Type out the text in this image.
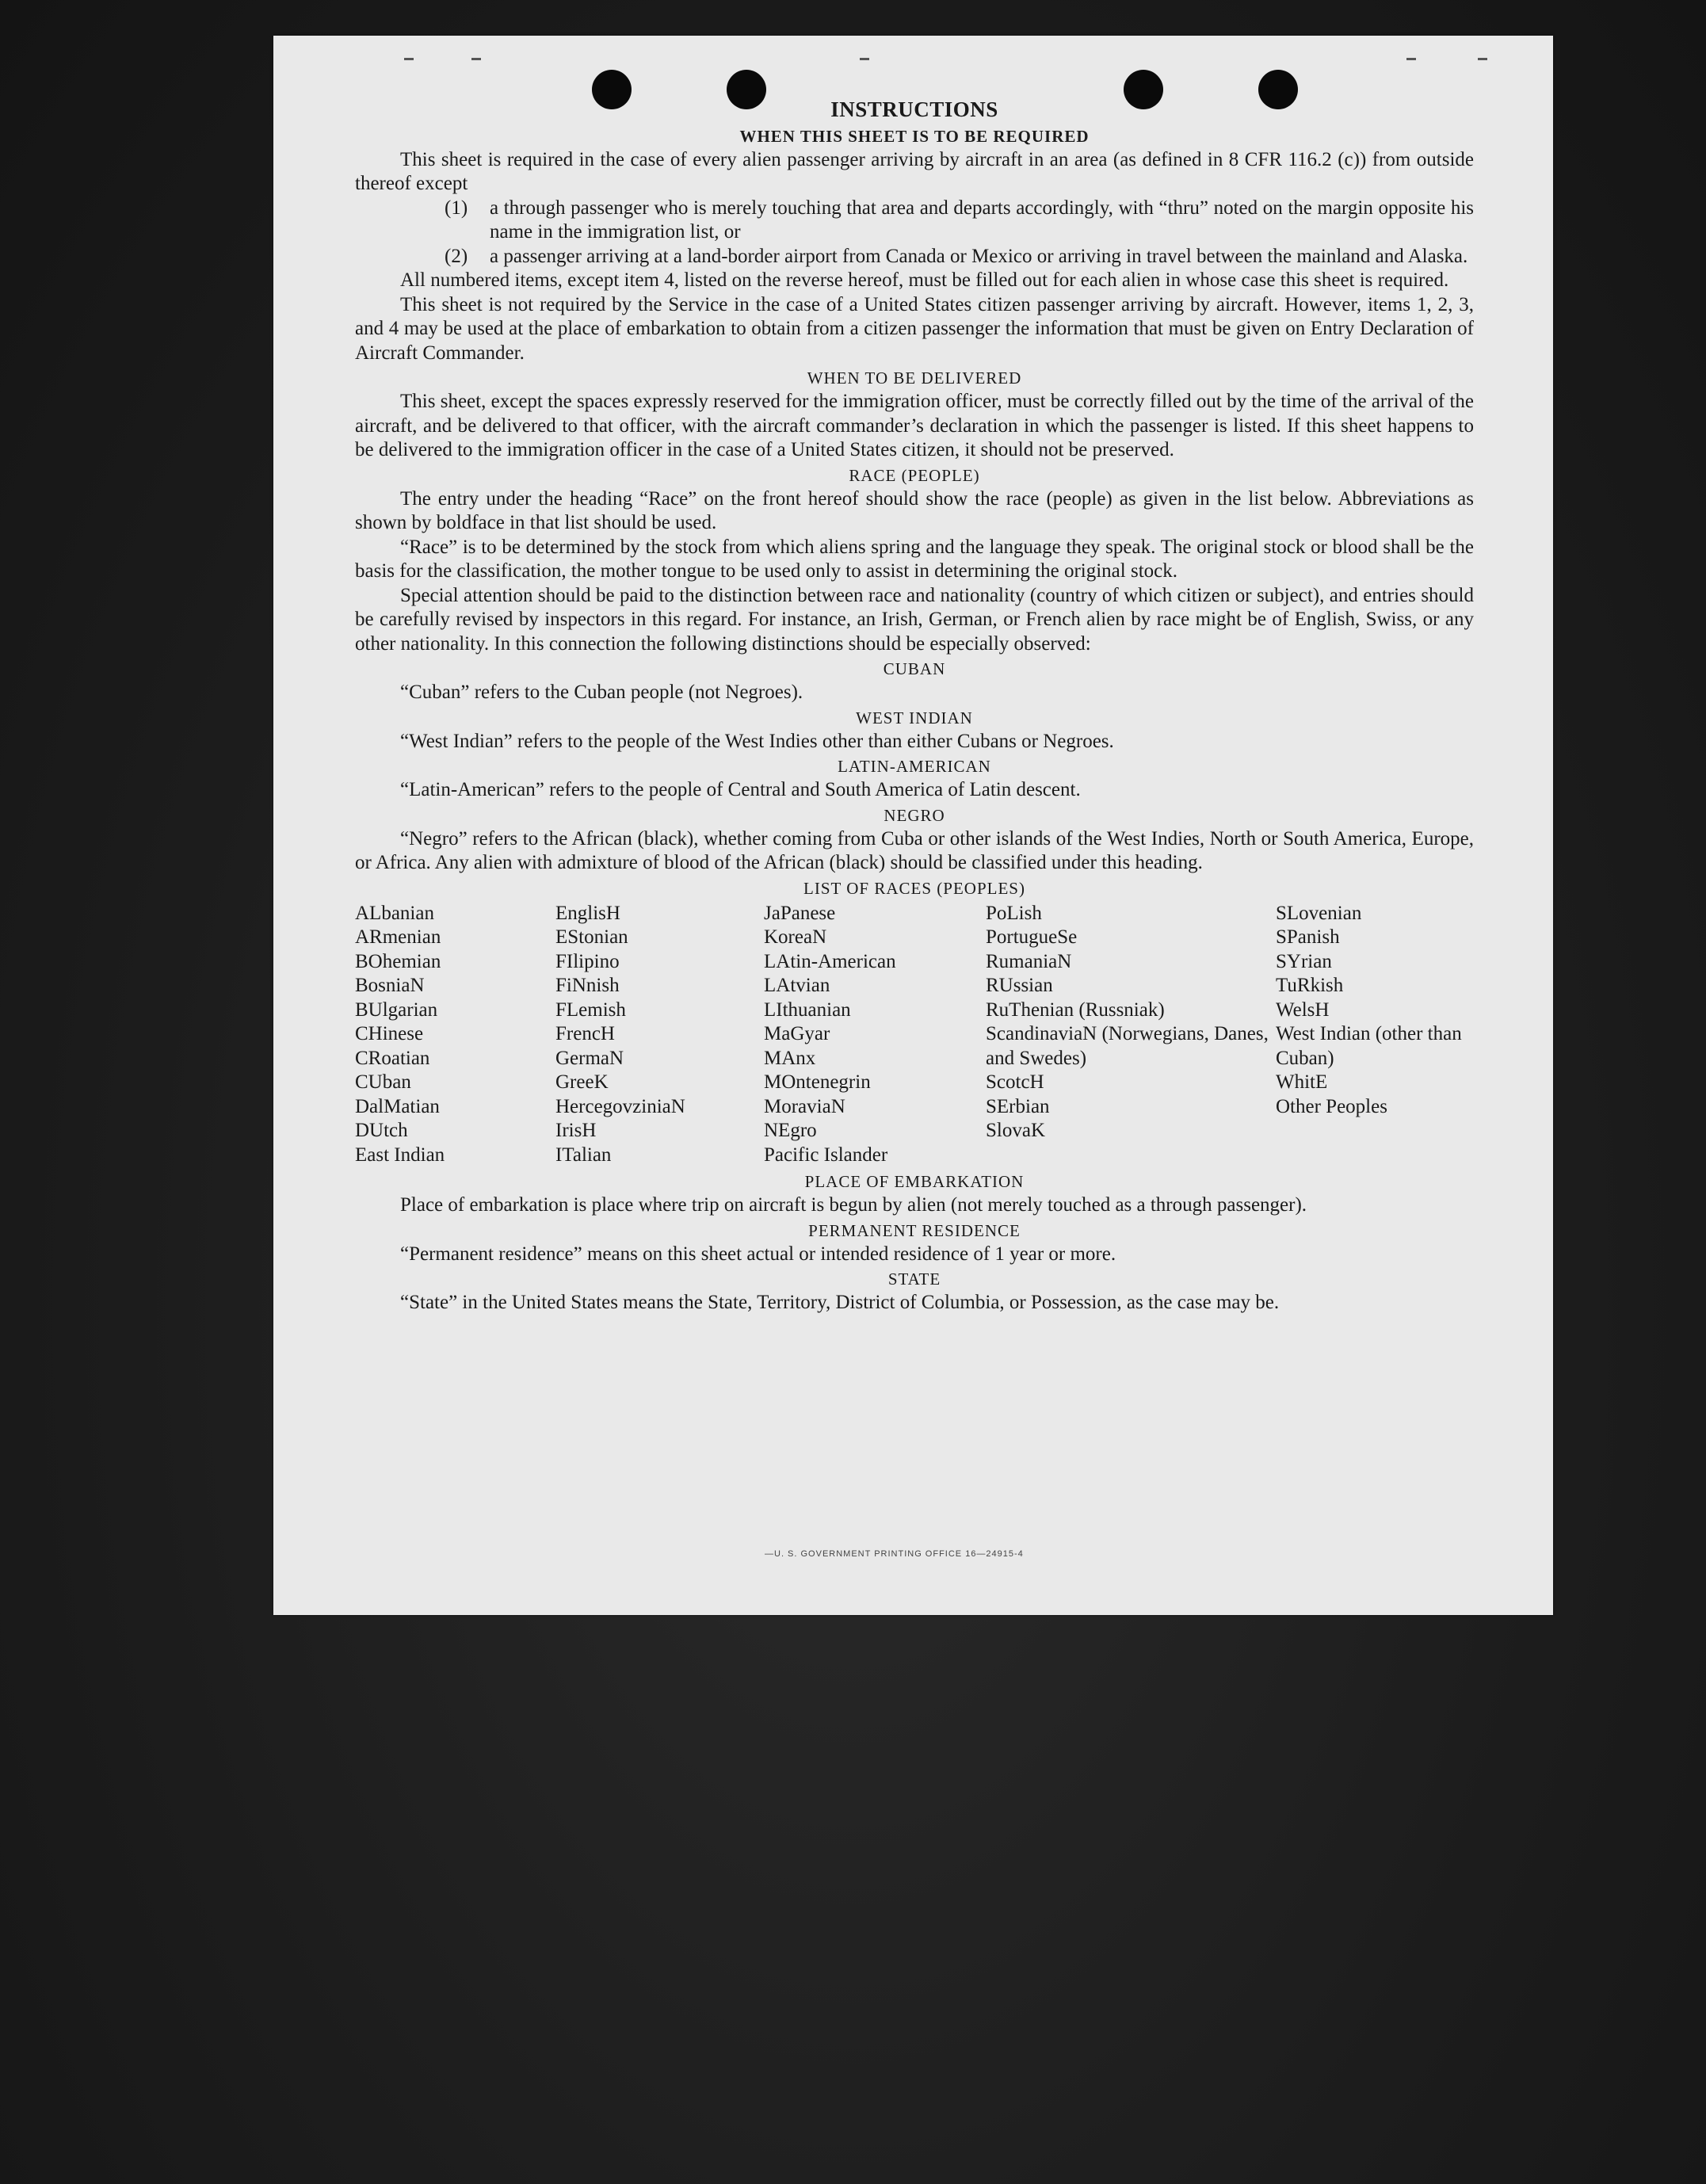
INSTRUCTIONS
WHEN THIS SHEET IS TO BE REQUIRED

This sheet is required in the case of every alien passenger arriving by aircraft in an area (as defined in 8 CFR 116.2 (c)) from outside thereof except

(1) a through passenger who is merely touching that area and departs accordingly, with “thru” noted on the margin opposite his name in the immigration list, or

(2) a passenger arriving at a land-border airport from Canada or Mexico or arriving in travel between the mainland and Alaska.

All numbered items, except item 4, listed on the reverse hereof, must be filled out for each alien in whose case this sheet is required.

This sheet is not required by the Service in the case of a United States citizen passenger arriving by aircraft. However, items 1, 2, 3, and 4 may be used at the place of embarkation to obtain from a citizen passenger the information that must be given on Entry Declaration of Aircraft Commander.

WHEN TO BE DELIVERED

This sheet, except the spaces expressly reserved for the immigration officer, must be correctly filled out by the time of the arrival of the aircraft, and be delivered to that officer, with the aircraft commander’s declaration in which the passenger is listed. If this sheet happens to be delivered to the immigration officer in the case of a United States citizen, it should not be preserved.

RACE (PEOPLE)

The entry under the heading “Race” on the front hereof should show the race (people) as given in the list below. Abbreviations as shown by boldface in that list should be used.

“Race” is to be determined by the stock from which aliens spring and the language they speak. The original stock or blood shall be the basis for the classification, the mother tongue to be used only to assist in determining the original stock.

Special attention should be paid to the distinction between race and nationality (country of which citizen or subject), and entries should be carefully revised by inspectors in this regard. For instance, an Irish, German, or French alien by race might be of English, Swiss, or any other nationality. In this connection the following distinctions should be especially observed:

CUBAN

“Cuban” refers to the Cuban people (not Negroes).

WEST INDIAN

“West Indian” refers to the people of the West Indies other than either Cubans or Negroes.

LATIN-AMERICAN

“Latin-American” refers to the people of Central and South America of Latin descent.

NEGRO

“Negro” refers to the African (black), whether coming from Cuba or other islands of the West Indies, North or South America, Europe, or Africa. Any alien with admixture of blood of the African (black) should be classified under this heading.

LIST OF RACES (PEOPLES)
ALbanian
ARmenian
BOhemian
BosniaN
BUlgarian
CHinese
CRoatian
CUban
DalMatian
DUtch
East Indian
EnglisH
EStonian
FIlipino
FiNnish
FLemish
FrencH
GermaN
GreeK
HercegovziniaN
IrisH
ITalian
JaPanese
KoreaN
LAtin-American
LAtvian
LIthuanian
MaGyar
MAnx
MOntenegrin
MoraviaN
NEgro
Pacific Islander
PoLish
PortugueSe
RumaniaN
RUssian
RuThenian (Russniak)
ScandinaviaN (Norwegians, Danes, and Swedes)
ScotcH
SErbian
SlovaK
SLovenian
SPanish
SYrian
TuRkish
WelsH
West Indian (other than Cuban)
WhitE
Other Peoples
PLACE OF EMBARKATION

Place of embarkation is place where trip on aircraft is begun by alien (not merely touched as a through passenger).

PERMANENT RESIDENCE

“Permanent residence” means on this sheet actual or intended residence of 1 year or more.

STATE

“State” in the United States means the State, Territory, District of Columbia, or Possession, as the case may be.

—U. S. GOVERNMENT PRINTING OFFICE 16—24915-4
